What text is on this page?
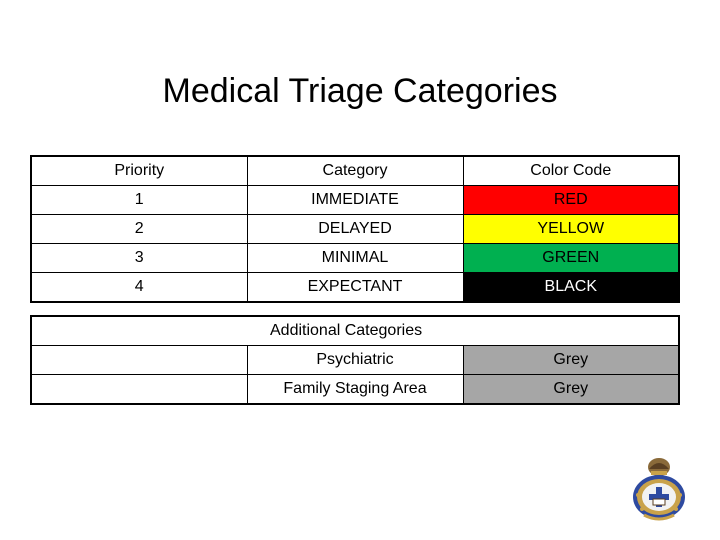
Medical Triage Categories
Priority	Category	Color Code
1	IMMEDIATE	RED
2	DELAYED	YELLOW
3	MINIMAL	GREEN
4	EXPECTANT	BLACK
Additional Categories		
	Psychiatric	Grey
	Family Staging Area	Grey
